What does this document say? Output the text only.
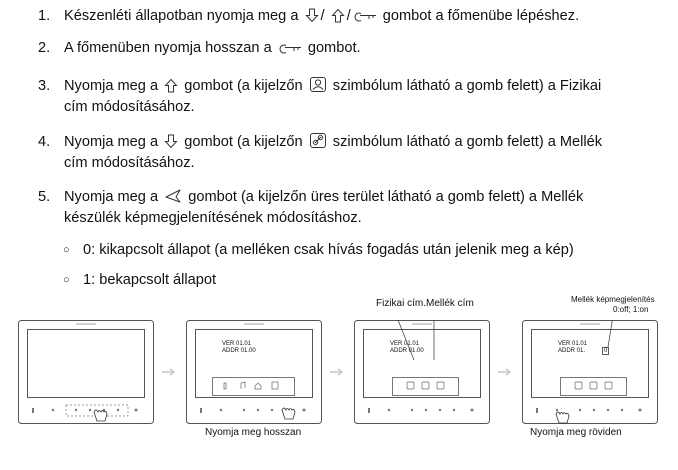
1. Készenléti állapotban nyomja meg a / / gombot a főmenübe lépéshez.
2. A főmenüben nyomja hosszan a gombot.
3. Nyomja meg a gombot (a kijelzőn szimbólum látható a gomb felett) a Fizikai
cím módosításához.
4. Nyomja meg a gombot (a kijelzőn szimbólum látható a gomb felett) a Mellék
cím módosításához.
5. Nyomja meg a gombot (a kijelzőn üres terület látható a gomb felett) a Mellék
készülék képmegjelenítésének módosításhoz.
○ 0: kikapcsolt állapot (a melléken csak hívás fogadás után jelenik meg a kép)
○ 1: bekapcsolt állapot
VER 01.01
ADDR 01.00
Nyomja meg hosszan
VER 01.01
ADDR 01.00
Fizikai cím.Mellék cím
VER 01.01
ADDR 01.	0
Mellék képmegjelenítés
0:off; 1:on
Nyomja meg röviden
